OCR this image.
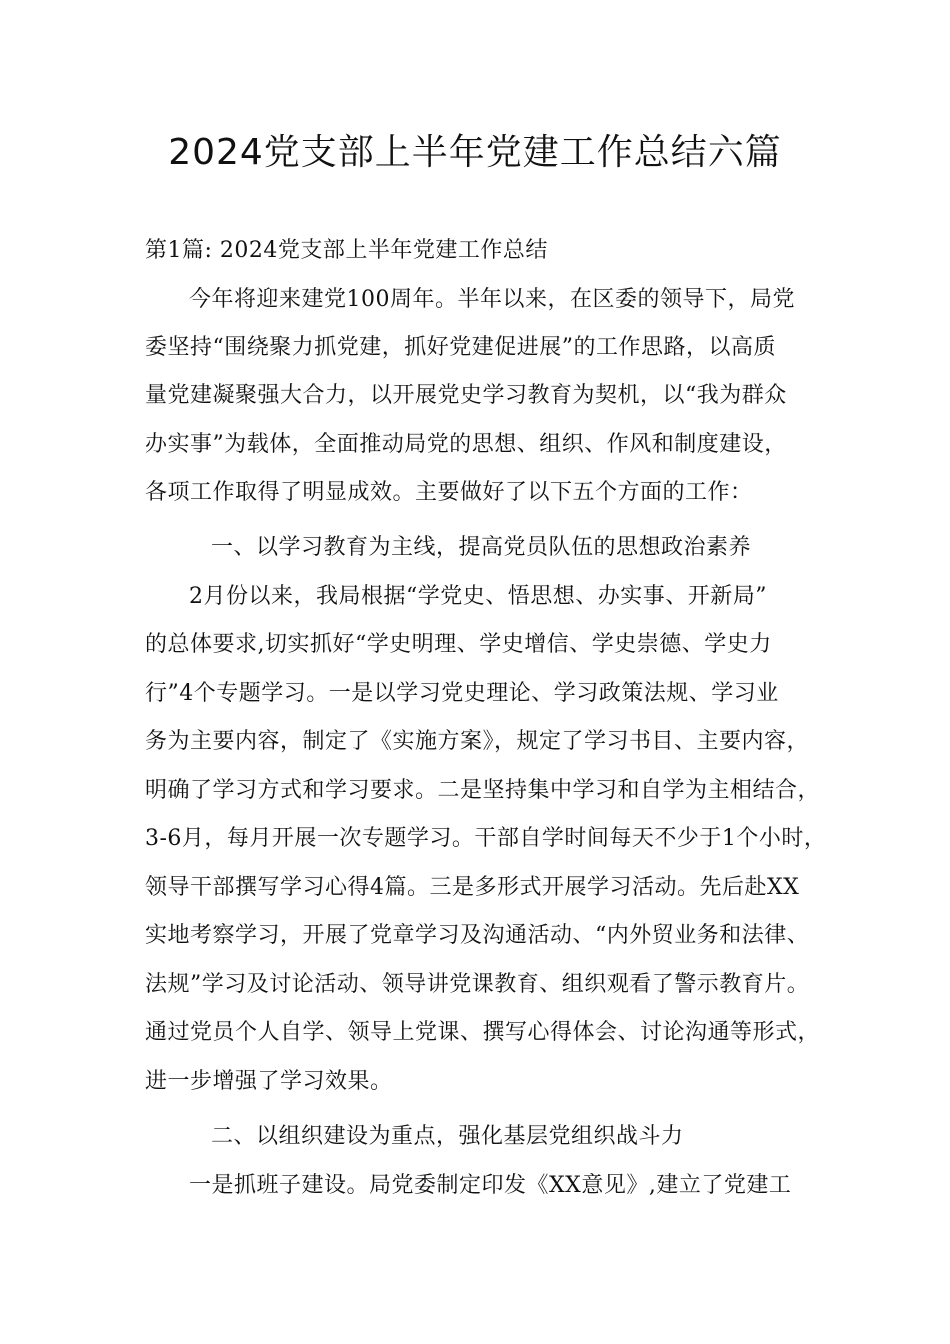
2024党支部上半年党建工作总结六篇
第1篇: 2024党支部上半年党建工作总结
今年将迎来建党100周年。半年以来，在区委的领导下，局党
委坚持“围绕聚力抓党建，抓好党建促进展”的工作思路，以高质
量党建凝聚强大合力，以开展党史学习教育为契机，以“我为群众
办实事”为载体，全面推动局党的思想、组织、作风和制度建设，
各项工作取得了明显成效。主要做好了以下五个方面的工作：
一、以学习教育为主线，提高党员队伍的思想政治素养
2月份以来，我局根据“学党史、悟思想、办实事、开新局”
的总体要求,切实抓好“学史明理、学史增信、学史崇德、学史力
行”4个专题学习。一是以学习党史理论、学习政策法规、学习业
务为主要内容，制定了《实施方案》，规定了学习书目、主要内容，
明确了学习方式和学习要求。二是坚持集中学习和自学为主相结合，
3-6月，每月开展一次专题学习。干部自学时间每天不少于1个小时，
领导干部撰写学习心得4篇。三是多形式开展学习活动。先后赴XX
实地考察学习，开展了党章学习及沟通活动、“内外贸业务和法律、
法规”学习及讨论活动、领导讲党课教育、组织观看了警示教育片。
通过党员个人自学、领导上党课、撰写心得体会、讨论沟通等形式，
进一步增强了学习效果。
二、以组织建设为重点，强化基层党组织战斗力
一是抓班子建设。局党委制定印发《XX意见》,建立了党建工
